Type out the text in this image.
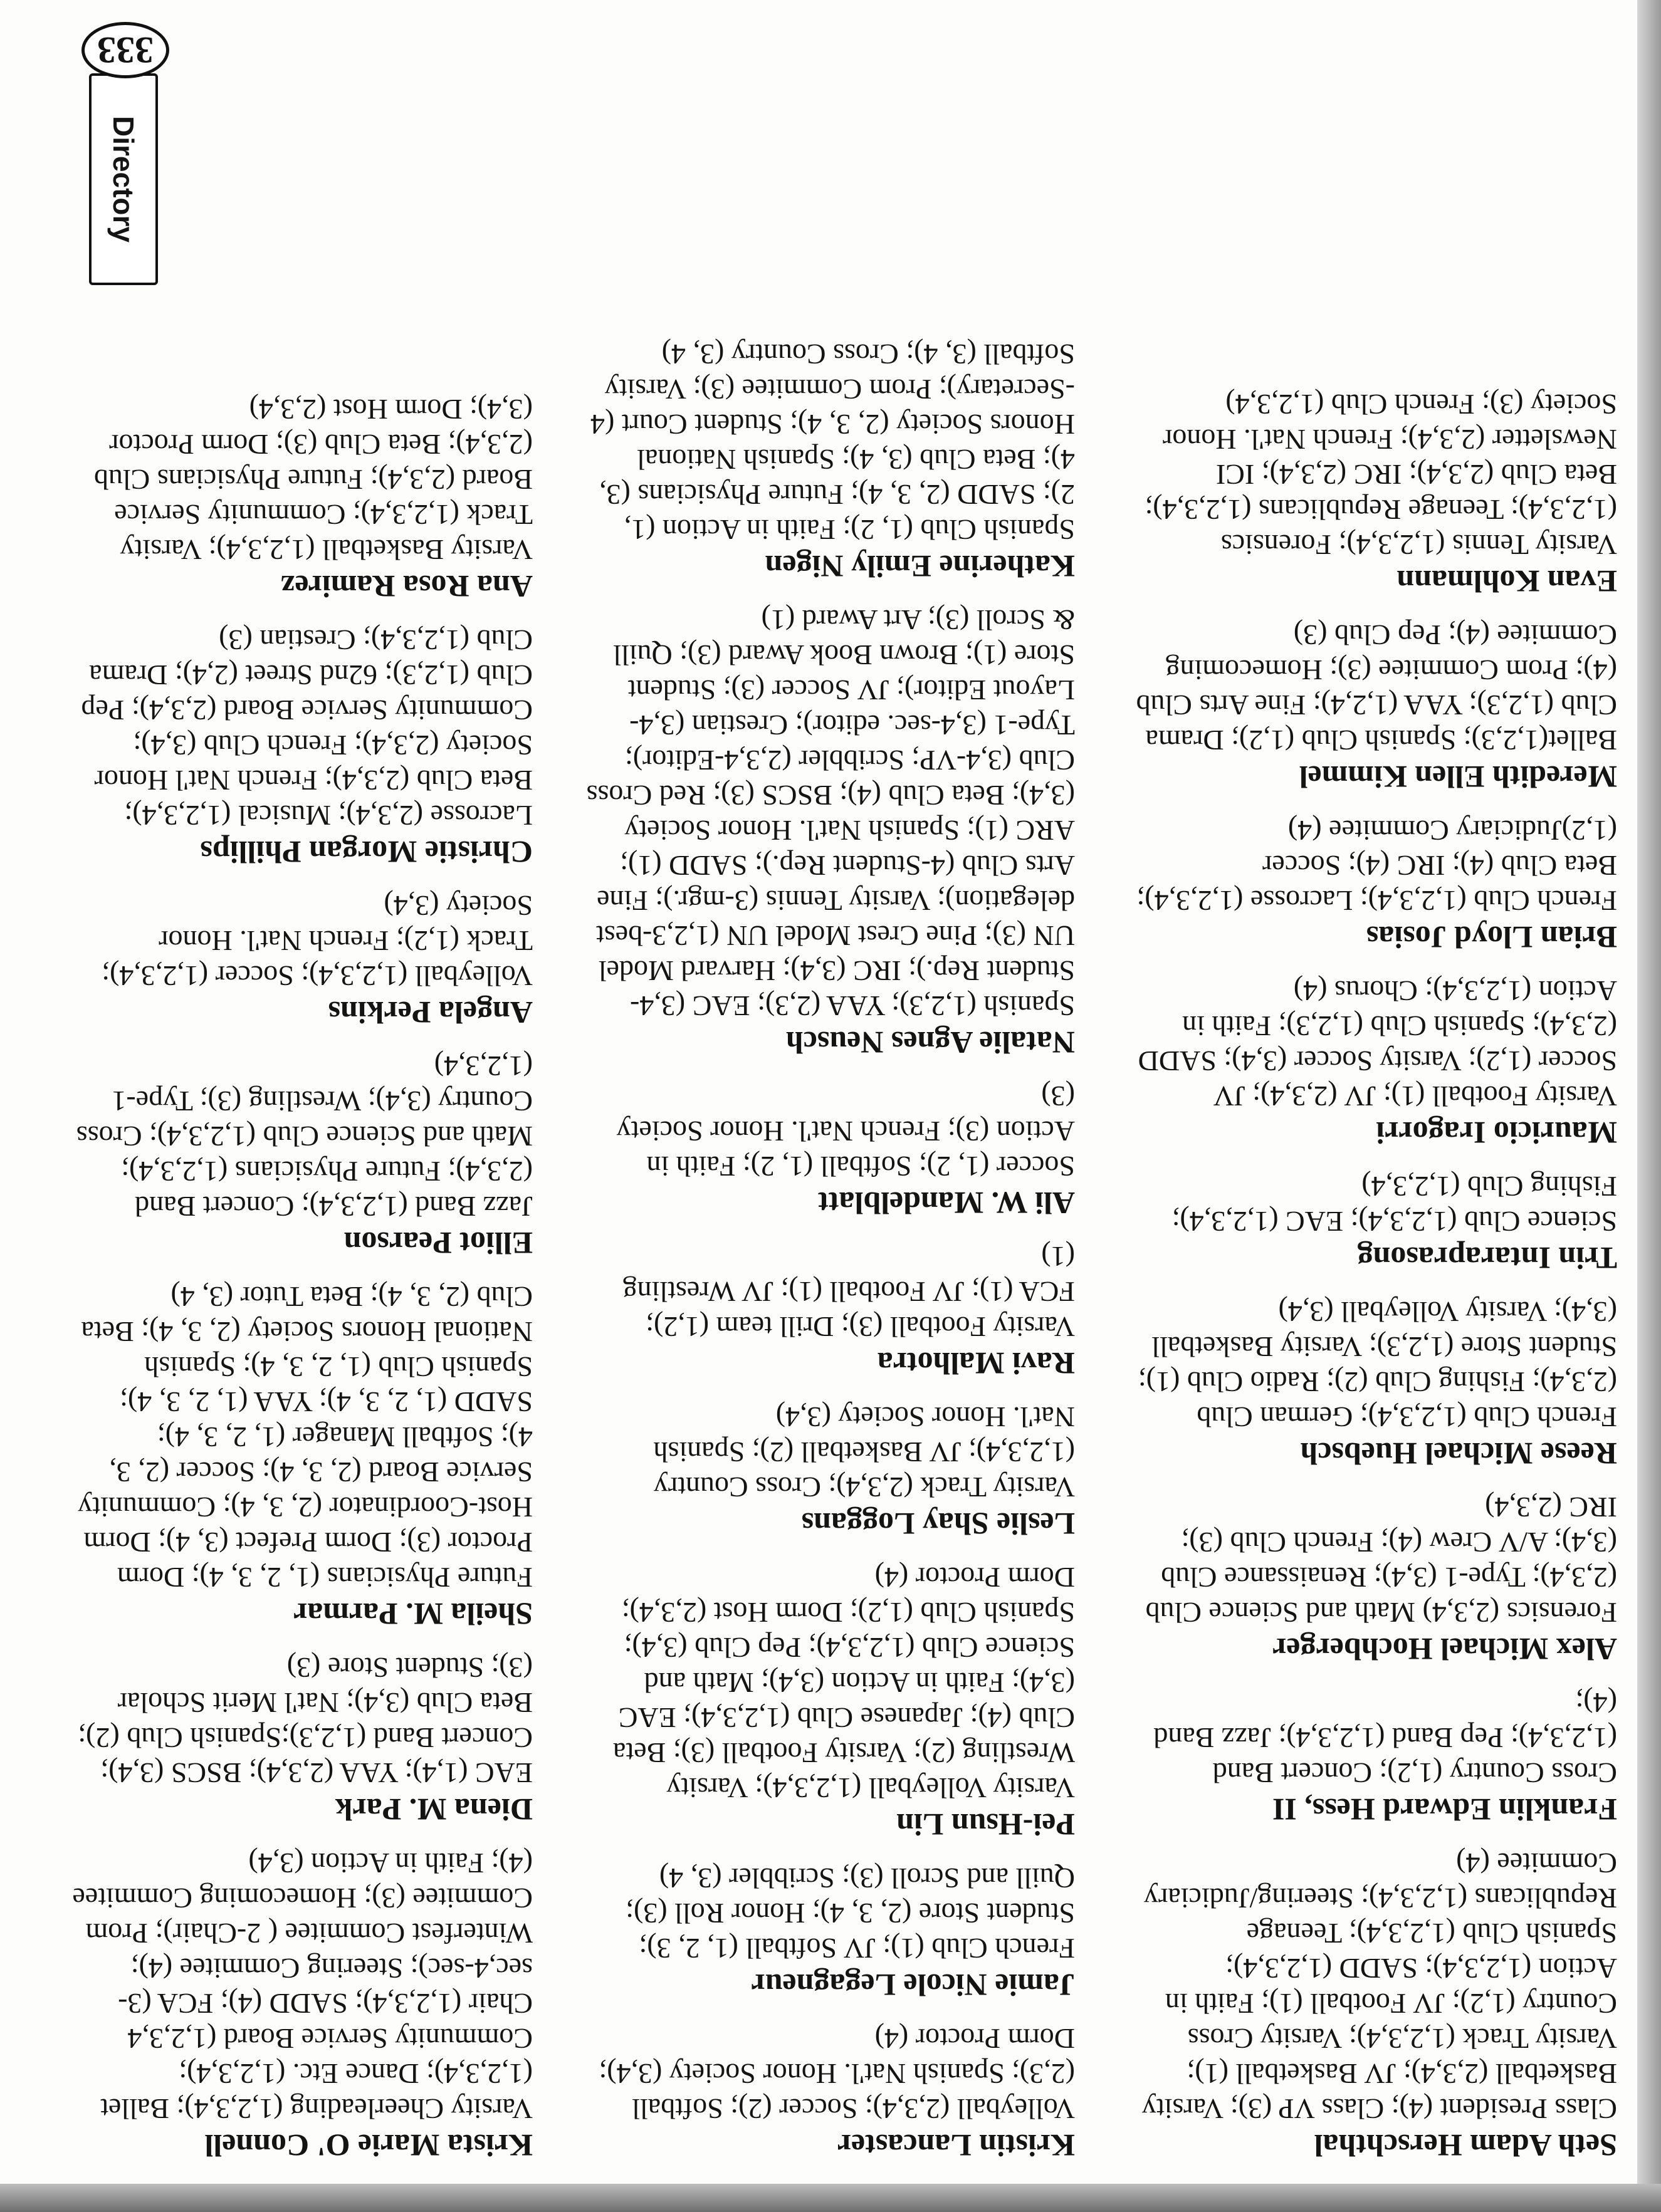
Seth Adam Herschthal
Class President (4); Class VP (3); Varsity Basketball (2,3,4); JV Basketball (1); Varsity Track (1,2,3,4); Varsity Cross Country (1,2); JV Football (1); Faith in Action (1,2,3,4); SADD (1,2,3,4); Spanish Club (1,2,3,4); Teenage Republicans (1,2,3,4); Steering/Judiciary Commitee (4)
Franklin Edward Hess, II
Cross Country (1,2); Concert Band (1,2,3,4); Pep Band (1,2,3,4); Jazz Band (4);
Alex Michael Hochberger
Forensics (2,3,4) Math and Science Club (2,3,4); Type-1 (3,4); Renaissance Club (3,4); A/V Crew (4); French Club (3); IRC (2,3,4)
Reese Michael Huebsch
French Club (1,2,3,4); German Club (2,3,4); Fishing Club (2); Radio Club (1); Student Store (1,2,3); Varsity Basketball (3,4); Varsity Volleyball (3,4)
Trin Intaraprasong
Science Club (1,2,3,4); EAC (1,2,3,4); Fishing Club (1,2,3,4)
Mauricio Iragorri
Varsity Football (1); JV (2,3,4); JV Soccer (1,2); Varsity Soccer (3,4); SADD (2,3,4); Spanish Club (1,2,3); Faith in Action (1,2,3,4); Chorus (4)
Brian Lloyd Josias
French Club (1,2,3,4); Lacrosse (1,2,3,4); Beta Club (4); IRC (4); Soccer (1,2)Judiciary Commitee (4)
Meredith Ellen Kimmel
Ballet(1,2,3); Spanish Club (1,2); Drama Club (1,2,3); YAA (1,2,4); Fine Arts Club (4); Prom Commitee (3); Homecoming Commitee (4); Pep Club (3)
Evan Kohlmann
Varsity Tennis (1,2,3,4); Forensics (1,2,3,4); Teenage Republicans (1,2,3,4); Beta Club (2,3,4); IRC (2,3,4); ICI Newsletter (2,3,4); French Nat'l. Honor Society (3); French Club (1,2,3,4)
Kristin Lancaster
Volleyball (2,3,4); Soccer (2); Softball (2,3); Spanish Nat'l. Honor Society (3,4); Dorm Proctor (4)
Jamie Nicole Legagneur
French Club (1); JV Softball (1, 2, 3); Student Store (2, 3, 4); Honor Roll (3); Quill and Scroll (3); Scribbler (3, 4)
Pei-Hsun Lin
Varsity Volleyball (1,2,3,4); Varsity Wrestling (2); Varsity Football (3); Beta Club (4); Japanese Club (1,2,3,4); EAC (3,4); Faith in Action (3,4); Math and Science Club (1,2,3,4); Pep Club (3,4); Spanish Club (1,2); Dorm Host (2,3,4); Dorm Proctor (4)
Leslie Shay Loggans
Varsity Track (2,3,4); Cross Country (1,2,3,4); JV Basketball (2); Spanish Nat'l. Honor Society (3,4)
Ravi Malhotra
Varsity Football (3); Drill team (1,2); FCA (1); JV Football (1); JV Wrestling (1)
Ali W. Mandelblatt
Soccer (1, 2); Softball (1, 2); Faith in Action (3); French Nat'l. Honor Society (3)
Natalie Agnes Neusch
Spanish (1,2,3); YAA (2,3); EAC (3,4-Student Rep.); IRC (3,4); Harvard Model UN (3); Pine Crest Model UN (1,2,3-best delegation); Varsity Tennis (3-mgr.); Fine Arts Club (4-Student Rep.); SADD (1); ARC (1); Spanish Nat'l. Honor Society (3,4); Beta Club (4); BSCS (3); Red Cross Club (3,4-VP; Scribbler (2,3,4-Editor); Type-1 (3,4-sec. editor); Crestian (3,4-Layout Editor); JV Soccer (3); Student Store (1); Brown Book Award (3); Quill & Scroll (3); Art Award (1)
Katherine Emily Nigen
Spanish Club (1, 2); Faith in Action (1, 2); SADD (2, 3, 4); Future Physicians (3, 4); Beta Club (3, 4); Spanish National Honors Society (2, 3, 4); Student Court (4 -Secretary); Prom Commitee (3); Varsity Softball (3, 4); Cross Country (3, 4)
Krista Marie O' Connell
Varsity Cheerleading (1,2,3,4); Ballet (1,2,3,4); Dance Etc. (1,2,3,4); Community Service Board (1,2,3,4 Chair (1,2,3,4); SADD (4); FCA (3-sec,4-sec); Steering Commitee (4); Winterfest Commitee ( 2-Chair); Prom Commitee (3); Homecoming Commitee (4); Faith in Action (3,4)
Diena M. Park
EAC (1,4); YAA (2,3,4); BSCS (3,4); Concert Band (1,2,3);Spanish Club (2); Beta Club (3,4); Nat'l Merit Scholar (3); Student Store (3)
Sheila M. Parmar
Future Physicians (1, 2, 3, 4); Dorm Proctor (3); Dorm Prefect (3, 4); Dorm Host-Coordinator (2, 3, 4); Community Service Board (2, 3, 4); Soccer (2, 3, 4); Softball Manager (1, 2, 3, 4); SADD (1, 2, 3, 4); YAA (1, 2, 3, 4); Spanish Club (1, 2, 3, 4); Spanish National Honors Society (2, 3, 4); Beta Club (2, 3, 4); Beta Tutor (3, 4)
Elliot Pearson
Jazz Band (1,2,3,4); Concert Band (2,3,4); Future Physicians (1,2,3,4); Math and Science Club (1,2,3,4); Cross Country (3,4); Wrestling (3); Type-1 (1,2,3,4)
Angela Perkins
Volleyball (1,2,3,4); Soccer (1,2,3,4); Track (1,2); French Nat'l. Honor Society (3,4)
Christie Morgan Phillips
Lacrosse (2,3,4); Musical (1,2,3,4); Beta Club (2,3,4); French Nat'l Honor Society (2,3,4); French Club (3,4); Community Service Board (2,3,4); Pep Club (1,2,3); 62nd Street (2,4); Drama Club (1,2,3,4); Crestian (3)
Ana Rosa Ramirez
Varsity Basketball (1,2,3,4); Varsity Track (1,2,3,4); Community Service Board (2,3,4); Future Physicians Club (2,3,4); Beta Club (3); Dorm Proctor (3,4); Dorm Host (2,3,4)
Directory
333
